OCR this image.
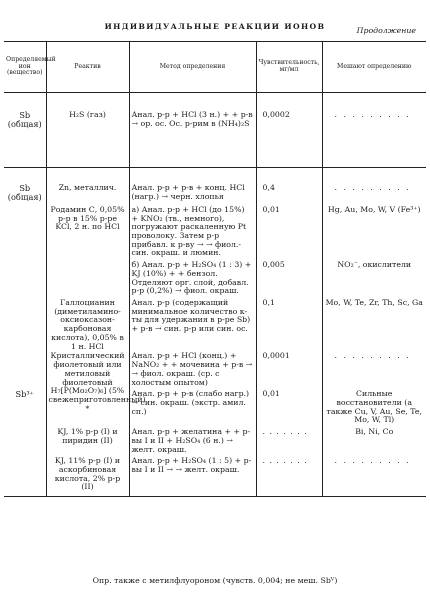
ИНДИВИДУАЛЬНЫЕ РЕАКЦИИ ИОНОВ	Продолжение
Определяемый ион (вещество)	Реактив	Метод определения	Чувствительность, мг/мл	Мешают определению
Sb (общая)	H₂S (газ)	Анал. р-р + HCl (3 н.) + + р-в → ор. ос. Ос. р-рим в (NH₄)₂S	0,0002	. . . . . . . . .
Sb (общая)	Zn, металлич.	Анал. р-р + р-в + конц. HCl (нагр.) → черн. хлопья	0,4	. . . . . . . . .
	Родамин С, 0,05% р-р в 15% р-ре KCl, 2 н. по HCl	а) Анал. р-р + HCl (до 15%) + KNO₂ (тв., немного), погружают раскаленную Pt проволоку. Затем р-р прибавл. к р-ву → → фиол.-син. окраш. и люмин.	0,01	Hg, Au, Mo, W, V (Fe³⁺)
		б) Анал. р-р + H₂SO₄ (1 : 3) + KJ (10%) + + бензол. Отделяют орг. слой, добавл. р-р (0,2%) → фиол. окраш.	0,005	NO₂⁻, окислители
	Галлоцианин (диметиламино-оксиоксазон-карбоновая кислота), 0,05% в 1 н. HCl	Анал. р-р (содержащий минимальное количество к-ты для удержания в р-ре Sb) + р-в → син. р-р или син. ос.	0,1	Mo, W, Te, Zr, Th, Sc, Ga
	Кристаллический фиолетовый или метиловый фиолетовый	Анал. р-р + HCl (конц.) + NaNO₂ + + мочевина + р-в → → фиол. окраш. (ср. с холостым опытом)	0,0001	. . . . . . . . .
Sb³⁺	H₇[P(Mo₂O₇)₆] (5% свежеприготовленный) *	Анал. р-р + р-в (слабо нагр.) → син. окраш. (экстр. амил. сп.)	0,01	Сильные восстановители (а также Cu, V, Au, Se, Te, Mo, W, Tl)
	KJ, 1% р-р (I) и пиридин (II)	Анал. р-р + желатина + + р-вы I и II + H₂SO₄ (6 н.) → желт. окраш.	. . . . . . .	Bi, Ni, Co
	KJ, 11% р-р (I) и аскорбиновая кислота, 2% р-р (II)	Анал. р-р + H₂SO₄ (1 : 5) + р-вы I и II → → желт. окраш.	. . . . . . .	. . . . . . . . .
Опр. также с метилфлуороном (чувств. 0,004; не меш. Sbⱽ)
